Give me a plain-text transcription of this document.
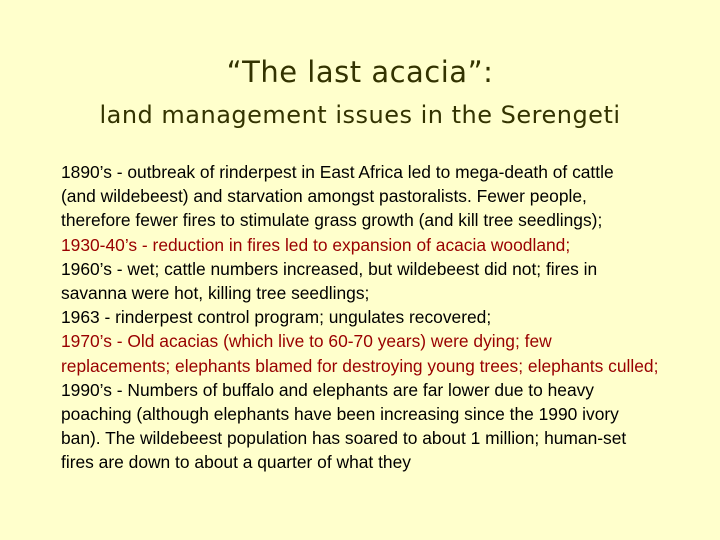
“The last acacia”:
land management issues in the Serengeti

1890’s - outbreak of rinderpest in East Africa led to mega-death of cattle

(and wildebeest) and starvation amongst pastoralists. Fewer people, therefore fewer fires to stimulate grass growth (and kill tree seedlings);

1930-40’s - reduction in fires led to expansion of acacia woodland;

1960’s - wet; cattle numbers increased, but wildebeest did not; fires in savanna were hot, killing tree seedlings;

1963 - rinderpest control program; ungulates recovered;

1970’s - Old acacias (which live to 60-70 years) were dying; few replacements; elephants blamed for destroying young trees; elephants culled;

1990’s - Numbers of buffalo and elephants are far lower due to heavy poaching (although elephants have been increasing since the 1990 ivory ban). The wildebeest population has soared to about 1 million; human-set fires are down to about a quarter of what they
